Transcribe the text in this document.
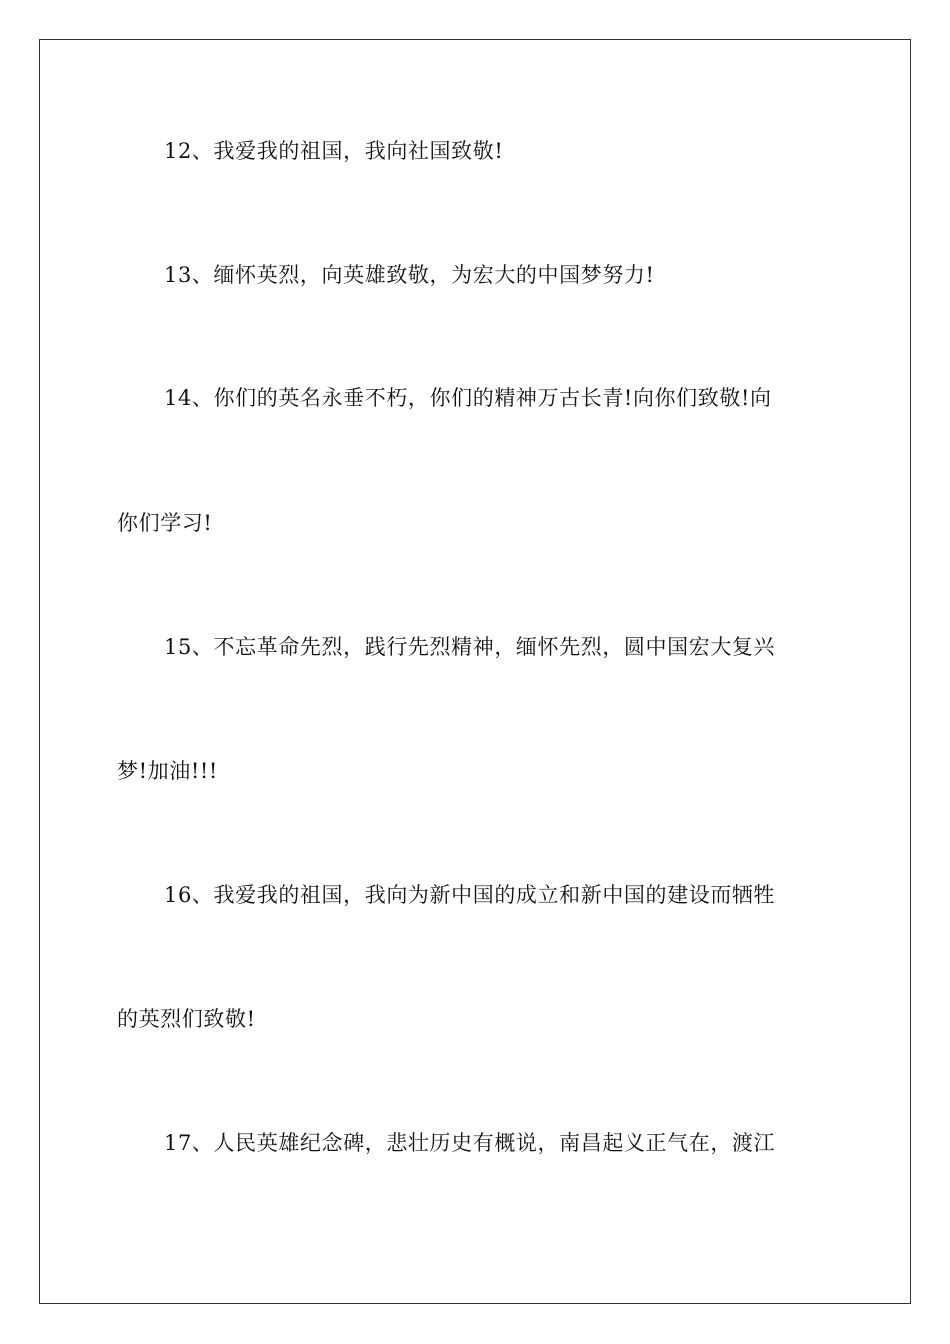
12、我爱我的祖国，我向社国致敬!
13、缅怀英烈，向英雄致敬，为宏大的中国梦努力!
14、你们的英名永垂不朽，你们的精神万古长青!向你们致敬!向
你们学习!
15、不忘革命先烈，践行先烈精神，缅怀先烈，圆中国宏大复兴
梦!加油!!!
16、我爱我的祖国，我向为新中国的成立和新中国的建设而牺牲
的英烈们致敬!
17、人民英雄纪念碑，悲壮历史有概说，南昌起义正气在，渡江
